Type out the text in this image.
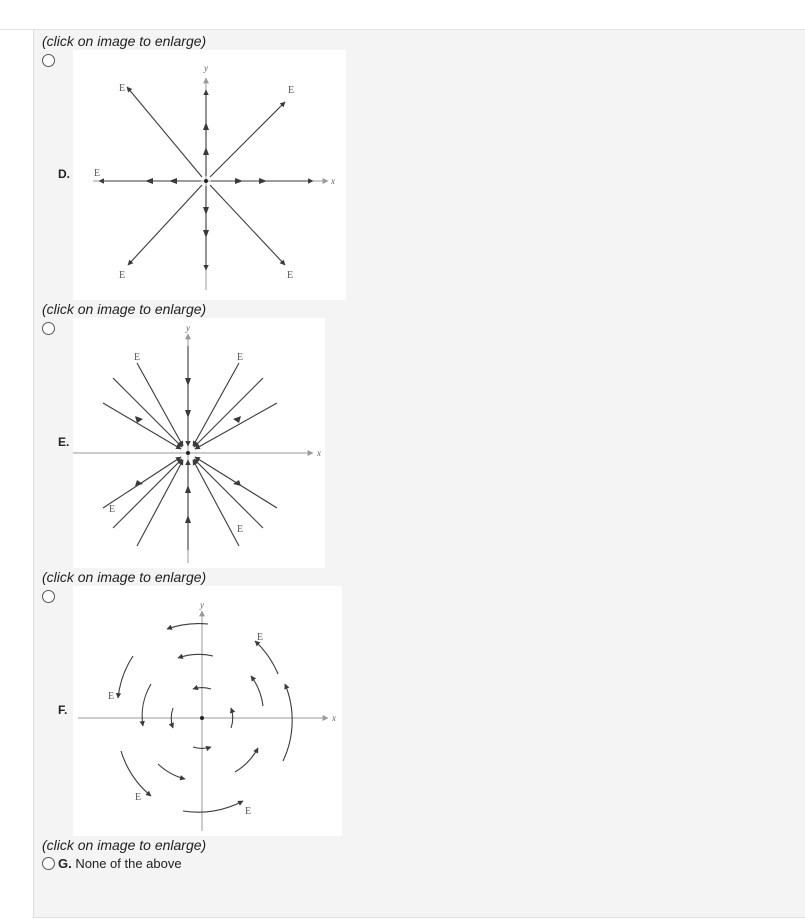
(click on image to enlarge)
D.
E	E
E
E	E
x
y
(click on image to enlarge)
E.
E	E
E
E
x
y
(click on image to enlarge)
F.
E
E
E
E
x
y
(click on image to enlarge)
G. None of the above
